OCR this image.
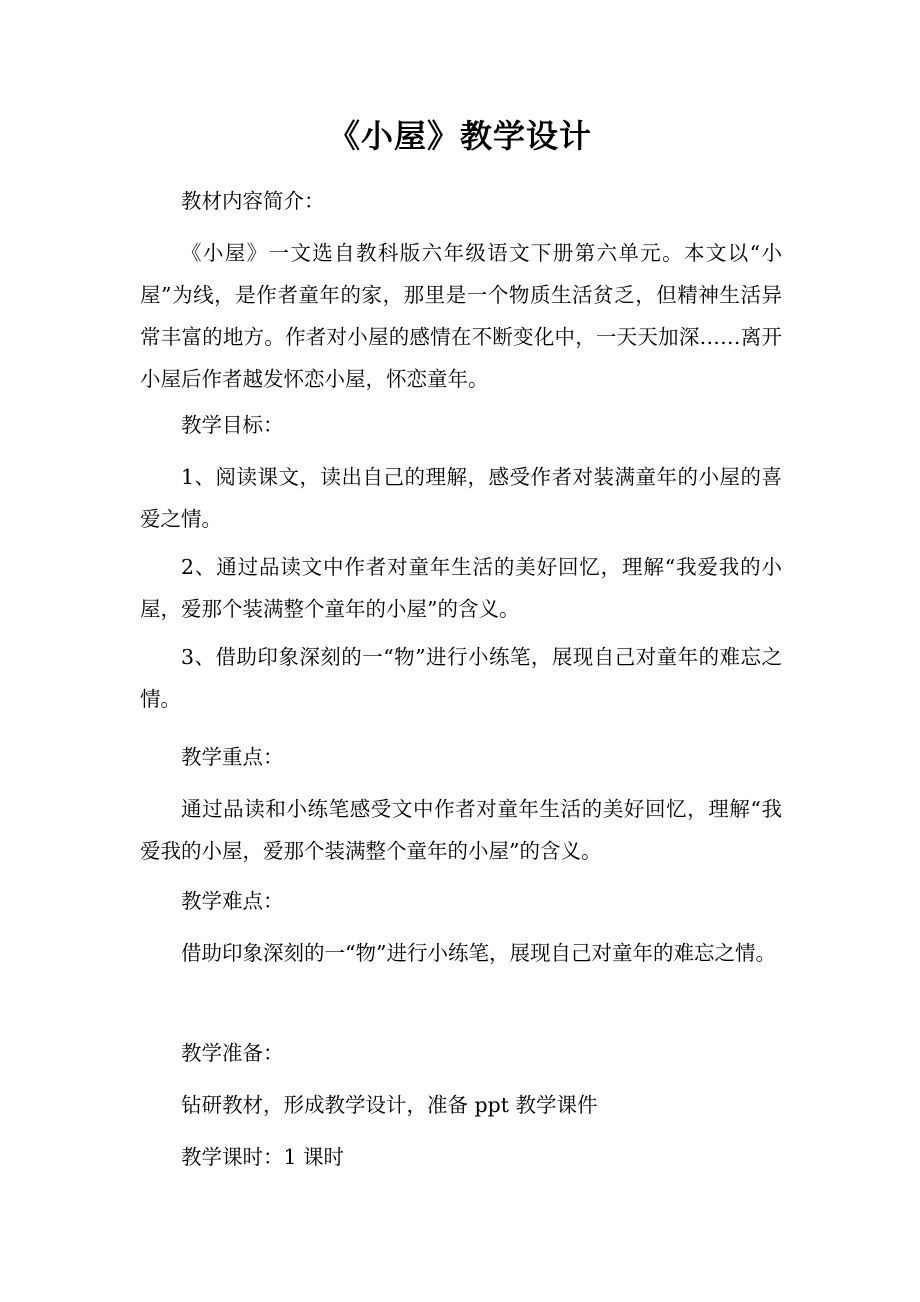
《小屋》教学设计

教材内容简介：

《小屋》一文选自教科版六年级语文下册第六单元。本文以“小屋”为线，是作者童年的家，那里是一个物质生活贫乏，但精神生活异常丰富的地方。作者对小屋的感情在不断变化中，一天天加深……离开小屋后作者越发怀恋小屋，怀恋童年。

教学目标：

1、阅读课文，读出自己的理解，感受作者对装满童年的小屋的喜爱之情。

2、通过品读文中作者对童年生活的美好回忆，理解“我爱我的小屋，爱那个装满整个童年的小屋”的含义。

3、借助印象深刻的一“物”进行小练笔，展现自己对童年的难忘之情。

教学重点：

通过品读和小练笔感受文中作者对童年生活的美好回忆，理解“我爱我的小屋，爱那个装满整个童年的小屋”的含义。

教学难点：

借助印象深刻的一“物”进行小练笔，展现自己对童年的难忘之情。

教学准备：

钻研教材，形成教学设计，准备 ppt 教学课件

教学课时：1 课时
